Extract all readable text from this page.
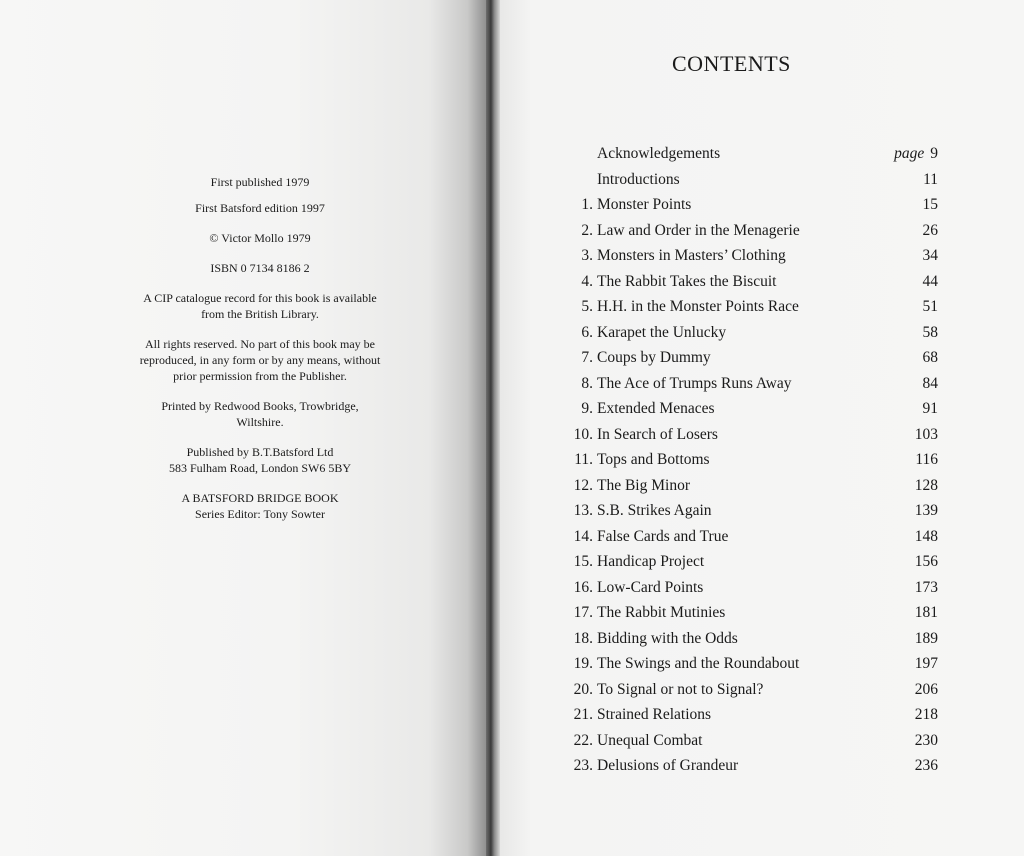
First published 1979

First Batsford edition 1997

© Victor Mollo 1979

ISBN 0 7134 8186 2

A CIP catalogue record for this book is available
from the British Library.

All rights reserved. No part of this book may be
reproduced, in any form or by any means, without
prior permission from the Publisher.

Printed by Redwood Books, Trowbridge,
Wiltshire.

Published by B.T.Batsford Ltd
583 Fulham Road, London SW6 5BY

A BATSFORD BRIDGE BOOK
Series Editor: Tony Sowter

CONTENTS
Acknowledgements	page 9
Introductions	11
1. Monster Points	15
2. Law and Order in the Menagerie	26
3. Monsters in Masters’ Clothing	34
4. The Rabbit Takes the Biscuit	44
5. H.H. in the Monster Points Race	51
6. Karapet the Unlucky	58
7. Coups by Dummy	68
8. The Ace of Trumps Runs Away	84
9. Extended Menaces	91
10. In Search of Losers	103
11. Tops and Bottoms	116
12. The Big Minor	128
13. S.B. Strikes Again	139
14. False Cards and True	148
15. Handicap Project	156
16. Low-Card Points	173
17. The Rabbit Mutinies	181
18. Bidding with the Odds	189
19. The Swings and the Roundabout	197
20. To Signal or not to Signal?	206
21. Strained Relations	218
22. Unequal Combat	230
23. Delusions of Grandeur	236
